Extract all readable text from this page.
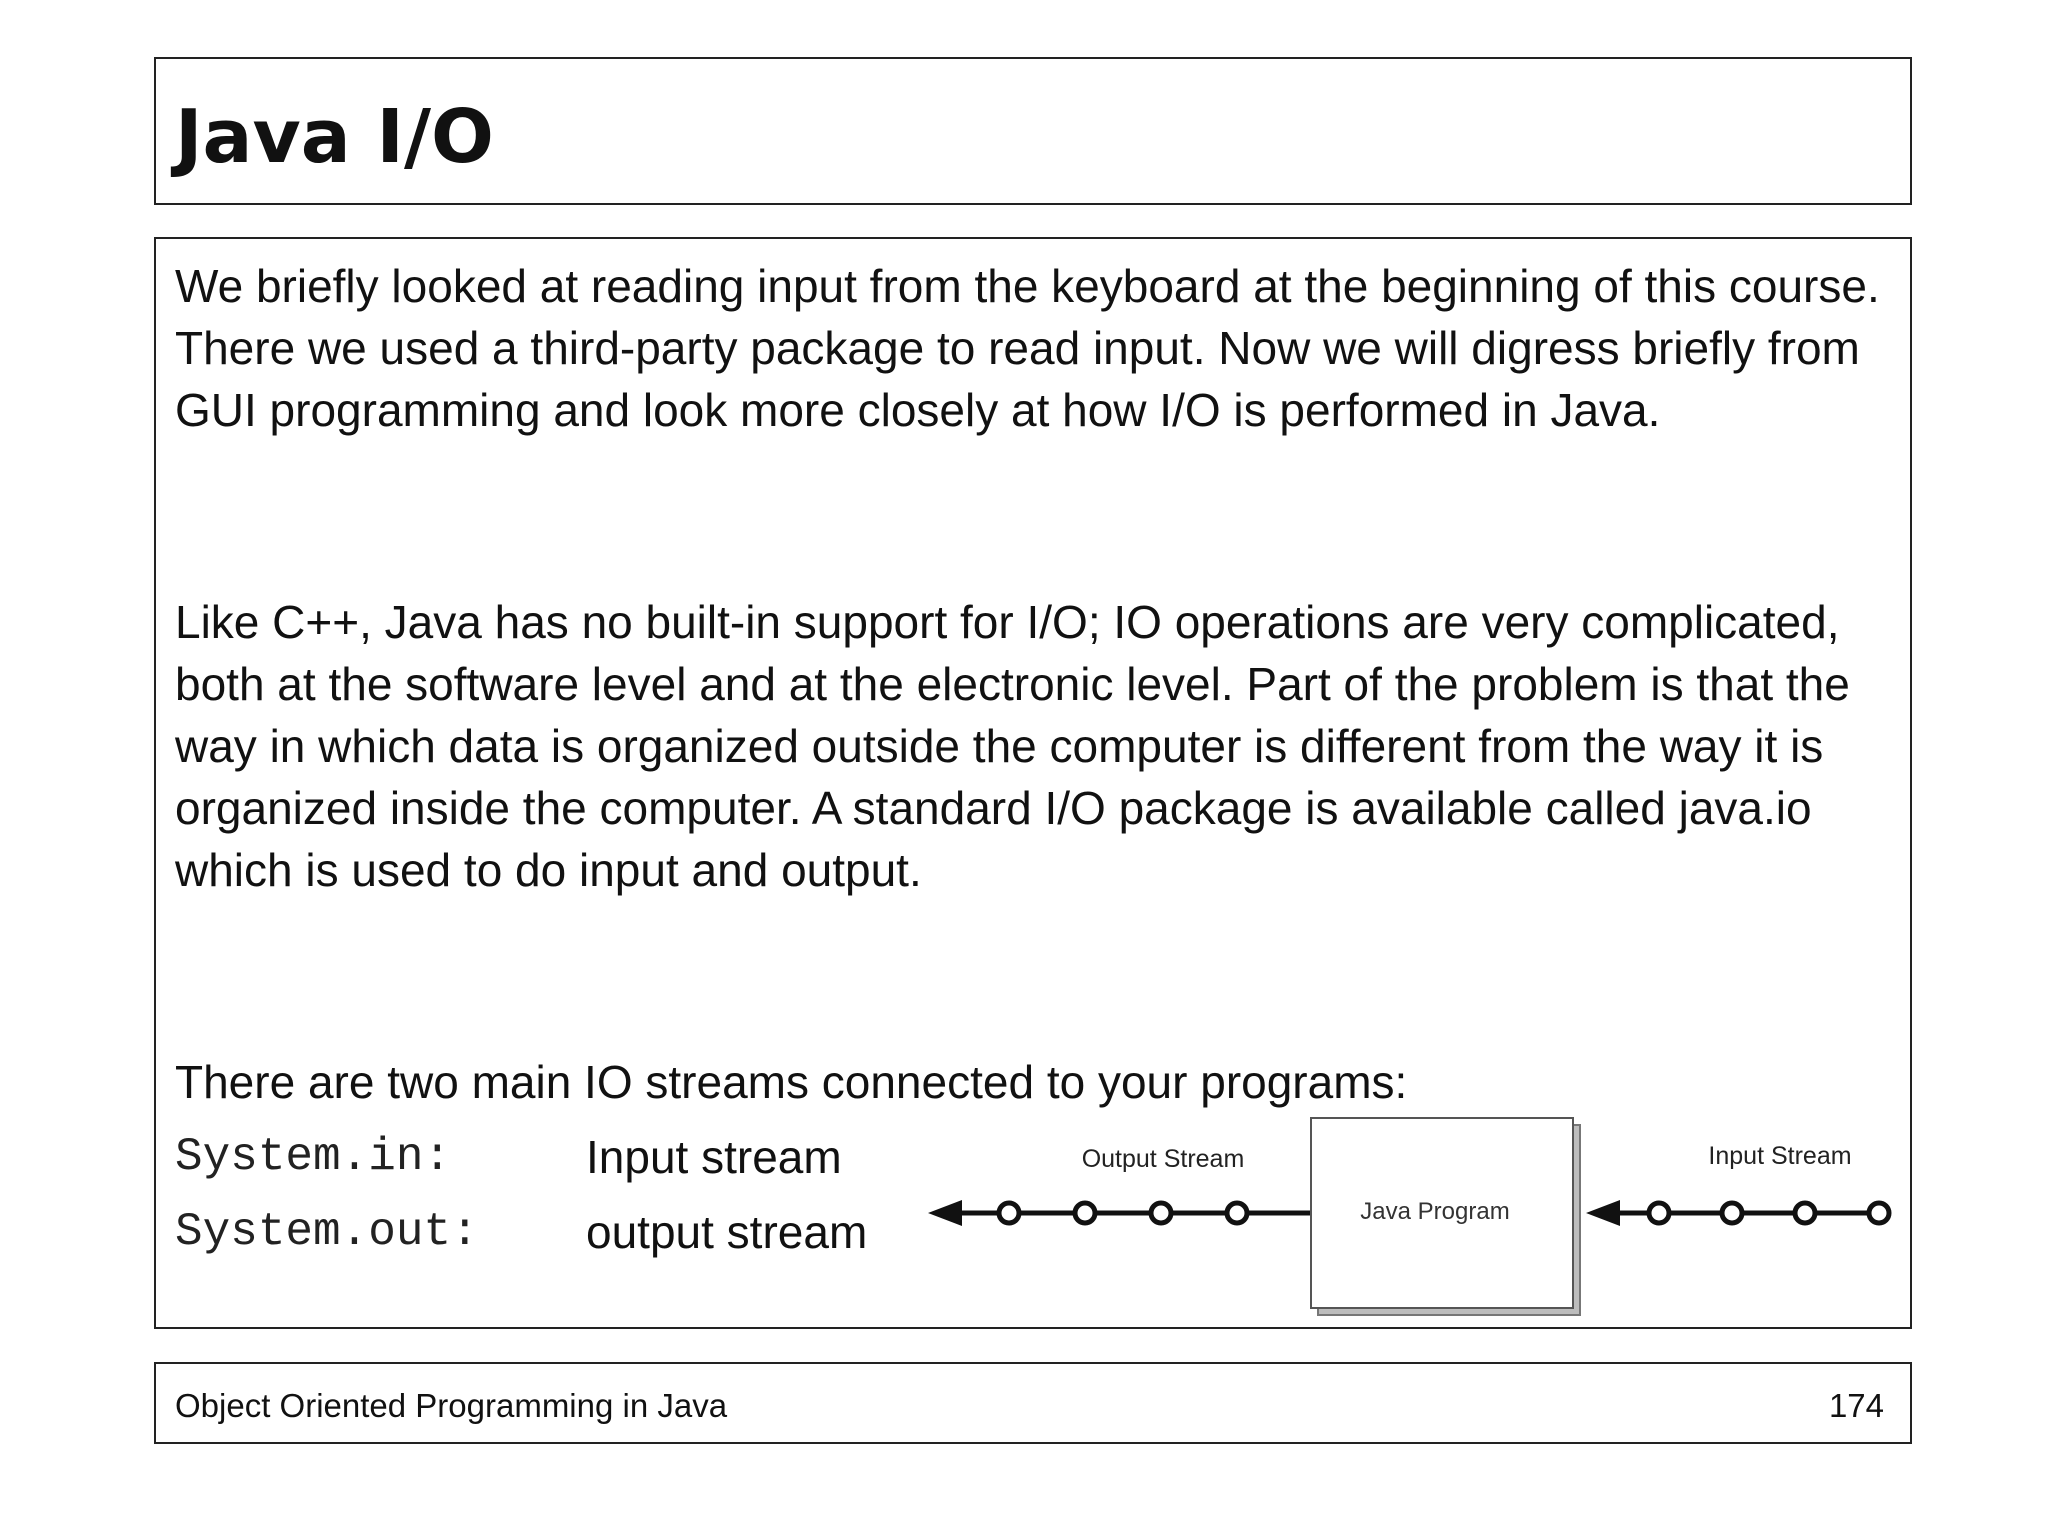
Java I/O

We briefly looked at reading input from the keyboard at the beginning of this course. There we used a third-party package to read input. Now we will digress briefly from GUI programming and look more closely at how I/O is performed in Java.

Like C++, Java has no built-in support for I/O; IO operations are very complicated, both at the software level and at the electronic level. Part of the problem is that the way in which data is organized outside the computer is different from the way it is organized inside the computer. A standard I/O package is available called java.io which is used to do input and output.

There are two main IO streams connected to your programs:

System.in:	Input stream
System.out: output stream
Output Stream
Java Program
Input Stream
Object Oriented Programming in Java	174
